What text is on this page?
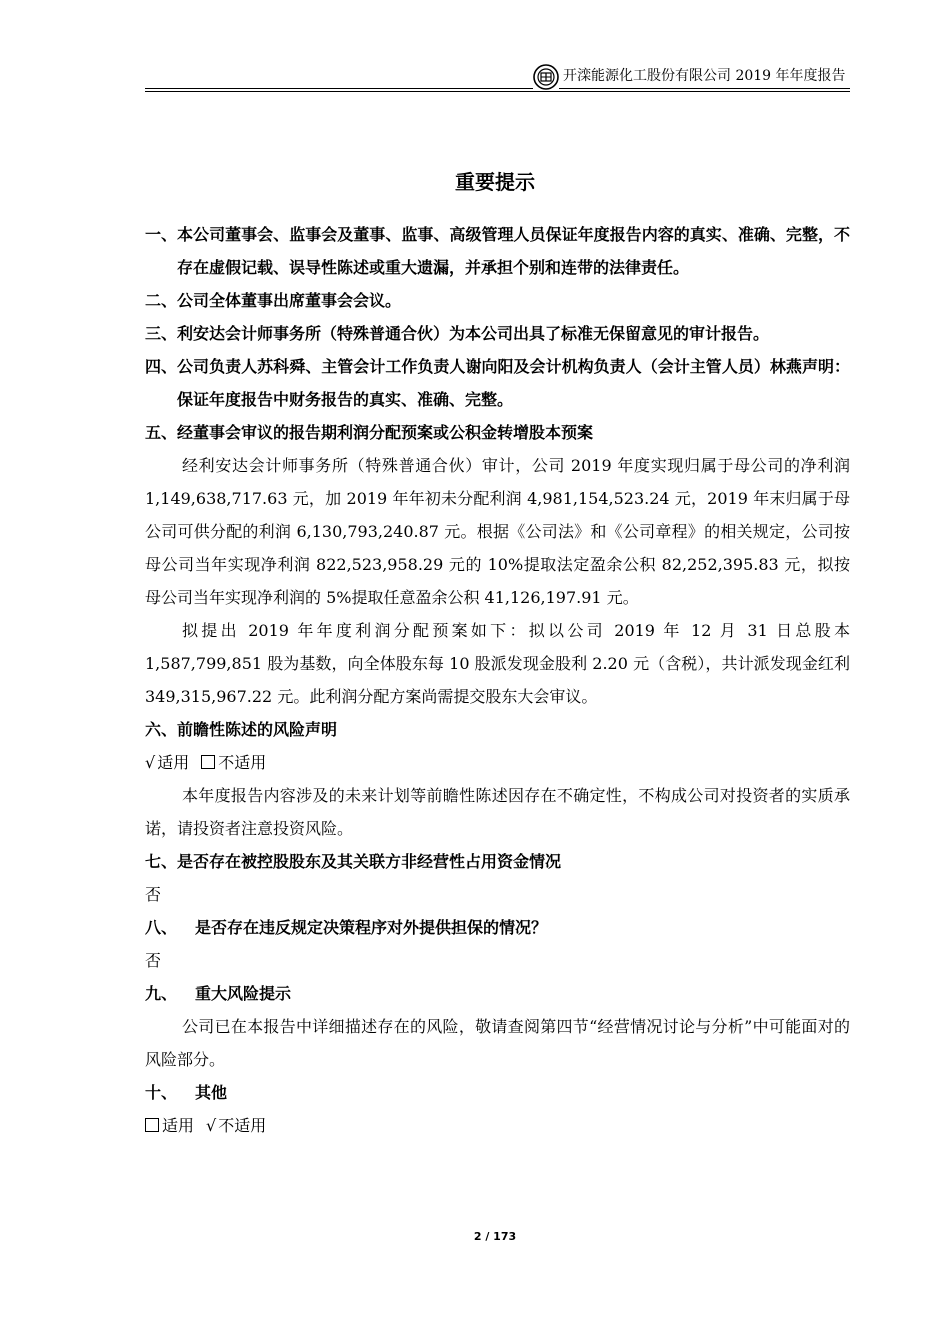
开滦能源化工股份有限公司 2019 年年度报告
重要提示
一、本公司董事会、监事会及董事、监事、高级管理人员保证年度报告内容的真实、准确、完整，不存在虚假记载、误导性陈述或重大遗漏，并承担个别和连带的法律责任。
二、公司全体董事出席董事会会议。
三、利安达会计师事务所（特殊普通合伙）为本公司出具了标准无保留意见的审计报告。
四、公司负责人苏科舜、主管会计工作负责人谢向阳及会计机构负责人（会计主管人员）林燕声明：保证年度报告中财务报告的真实、准确、完整。
五、经董事会审议的报告期利润分配预案或公积金转增股本预案
经利安达会计师事务所（特殊普通合伙）审计，公司 2019 年度实现归属于母公司的净利润 1,149,638,717.63 元，加 2019 年年初未分配利润 4,981,154,523.24 元，2019 年末归属于母公司可供分配的利润 6,130,793,240.87 元。根据《公司法》和《公司章程》的相关规定，公司按母公司当年实现净利润 822,523,958.29 元的 10%提取法定盈余公积 82,252,395.83 元，拟按母公司当年实现净利润的 5%提取任意盈余公积 41,126,197.91 元。
拟提出 2019 年年度利润分配预案如下：拟以公司 2019 年 12 月 31 日总股本 1,587,799,851 股为基数，向全体股东每 10 股派发现金股利 2.20 元（含税），共计派发现金红利 349,315,967.22 元。此利润分配方案尚需提交股东大会审议。
六、前瞻性陈述的风险声明
√ 适用 不适用
本年度报告内容涉及的未来计划等前瞻性陈述因存在不确定性，不构成公司对投资者的实质承诺，请投资者注意投资风险。
七、是否存在被控股股东及其关联方非经营性占用资金情况
否
八、 是否存在违反规定决策程序对外提供担保的情况？
否
九、 重大风险提示
公司已在本报告中详细描述存在的风险，敬请查阅第四节“经营情况讨论与分析”中可能面对的风险部分。
十、 其他
适用 √ 不适用
2 / 173
